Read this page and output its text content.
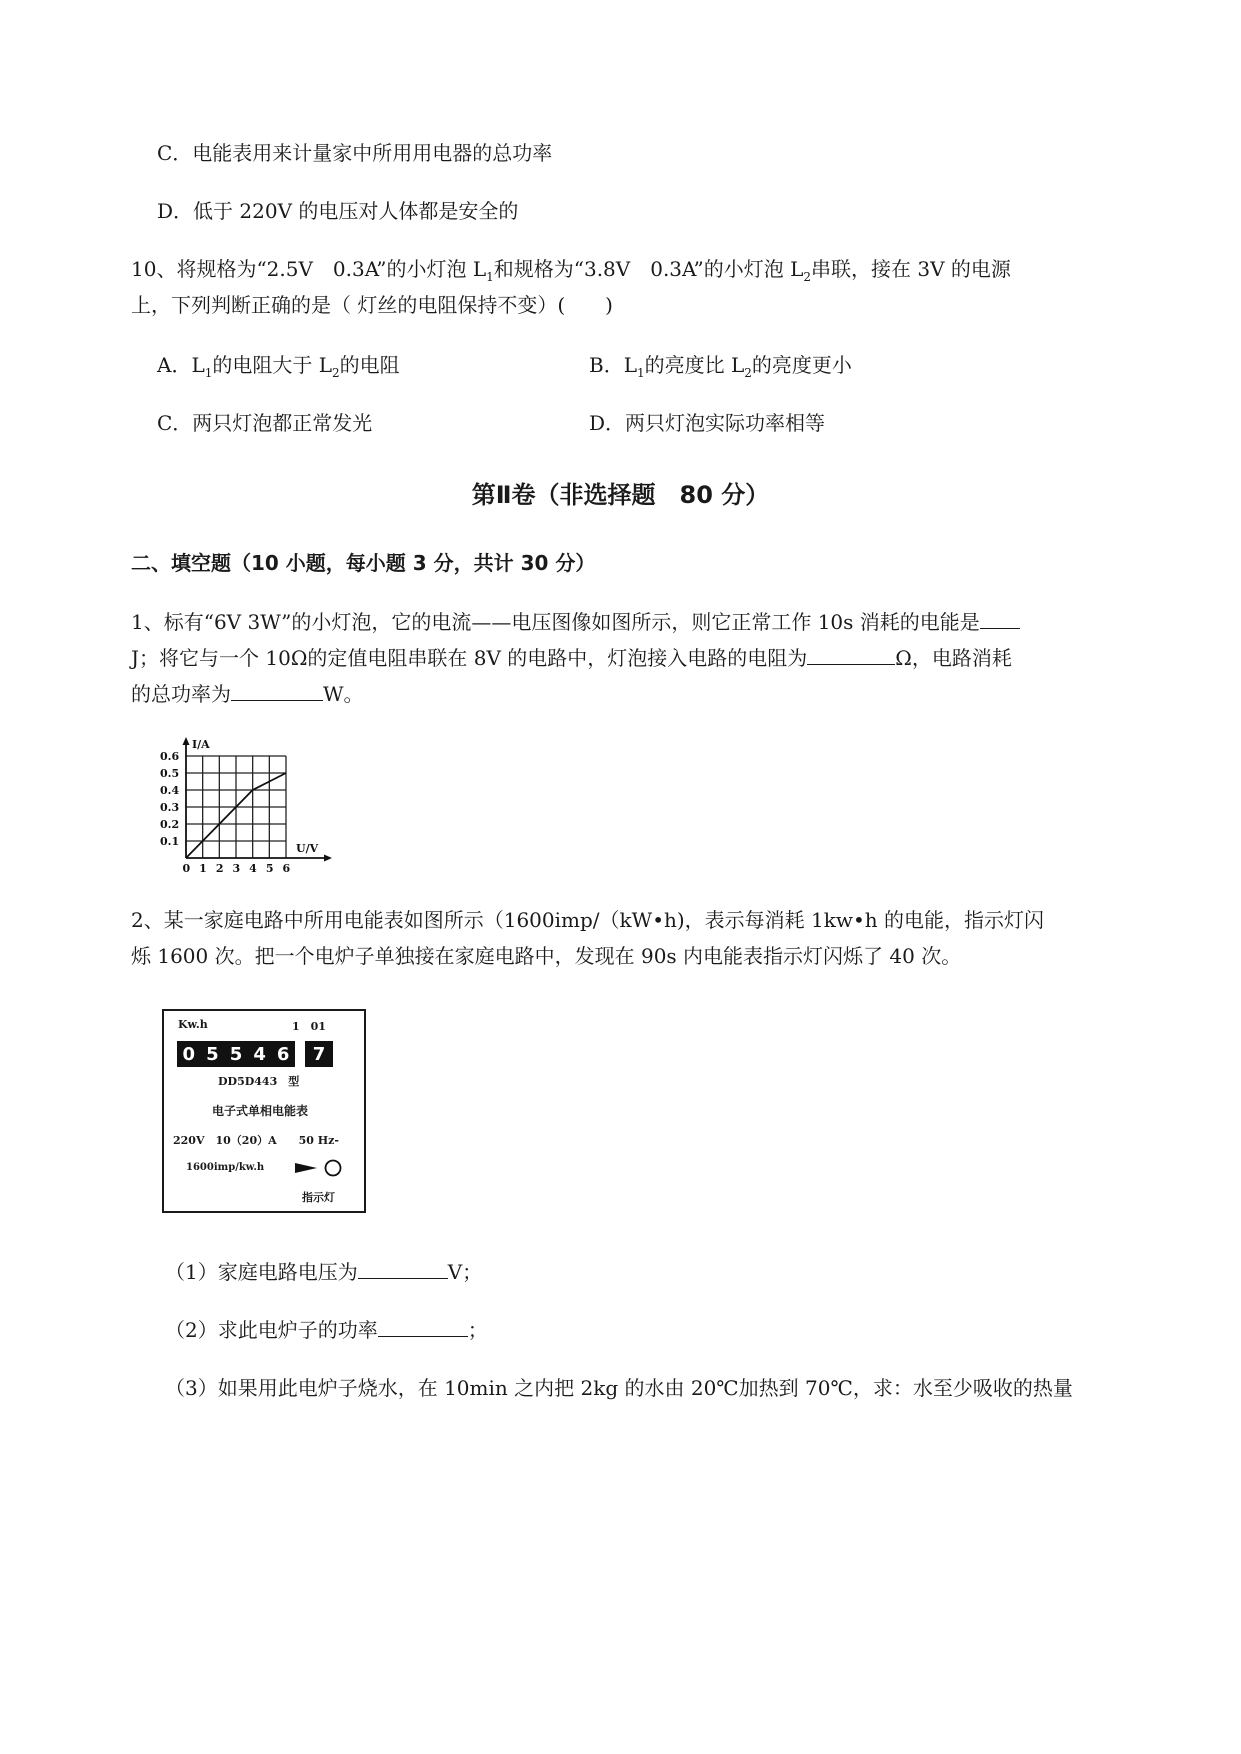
C．电能表用来计量家中所用用电器的总功率
D．低于 220V 的电压对人体都是安全的
10、将规格为“2.5V　0.3A”的小灯泡 $L_1$和规格为“3.8V　0.3A”的小灯泡 $L_2$串联，接在 3V 的电源
上，下列判断正确的是（ 灯丝的电阻保持不变）(　　)
A．$L_1$的电阻大于 $L_2$的电阻	B．$L_1$的亮度比 $L_2$的亮度更小
C．两只灯泡都正常发光	D．两只灯泡实际功率相等
第Ⅱ卷（非选择题　80 分）
二、填空题（10 小题，每小题 3 分，共计 30 分）
1、标有“6V 3W”的小灯泡，它的电流——电压图像如图所示，则它正常工作 10s 消耗的电能是
J；将它与一个 10Ω的定值电阻串联在 8V 的电路中，灯泡接入电路的电阻为	Ω，电路消耗
的总功率为	W。
0 1 2 3 4 5 6
0.1
0.2
0.3
0.4
0.5
0.6
I/A
U/V
2、某一家庭电路中所用电能表如图所示（1600imp/（kW•h)，表示每消耗 1kw•h 的电能，指示灯闪
烁 1600 次。把一个电炉子单独接在家庭电路中，发现在 90s 内电能表指示灯闪烁了 40 次。
Kw.h	1　01
0 5 5 4 6 7
DD5D443　型
电子式单相电能表
220V　10（20）A　　50 Hz-
1600imp/kw.h
指示灯
（1）家庭电路电压为	V；
（2）求此电炉子的功率	；
（3）如果用此电炉子烧水，在 10min 之内把 2kg 的水由 20℃加热到 70℃，求：水至少吸收的热量
